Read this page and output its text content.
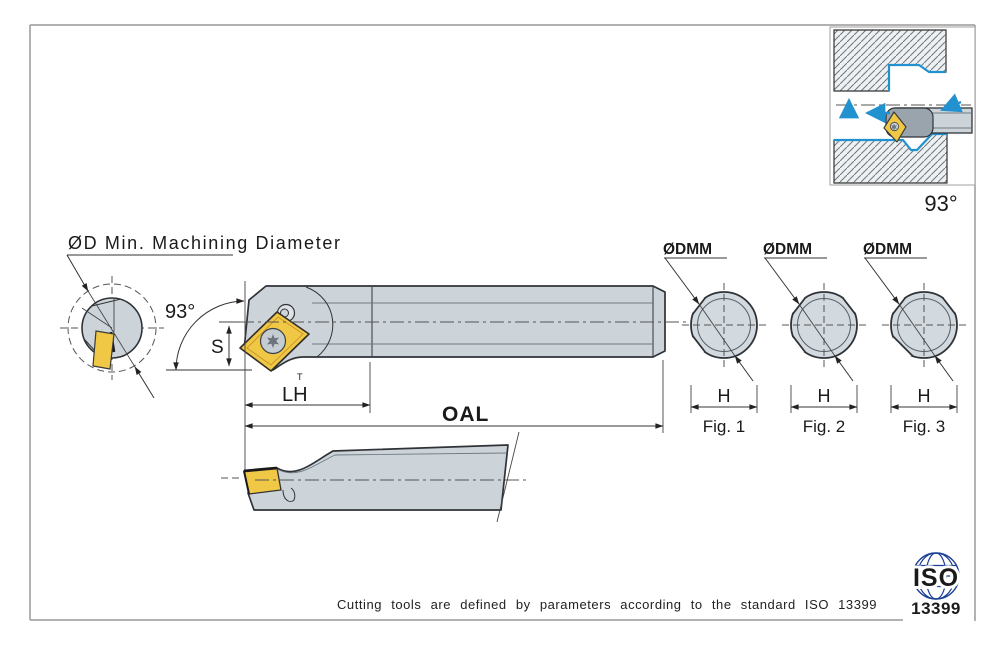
93°
ØD Min. Machining Diameter
93°
S
LH
T
OAL
ØDMM
H
Fig. 1
ØDMM
H
Fig. 2
ØDMM
H
Fig. 3
Cutting tools are defined by parameters according to the standard ISO 13399
ISO
13399
